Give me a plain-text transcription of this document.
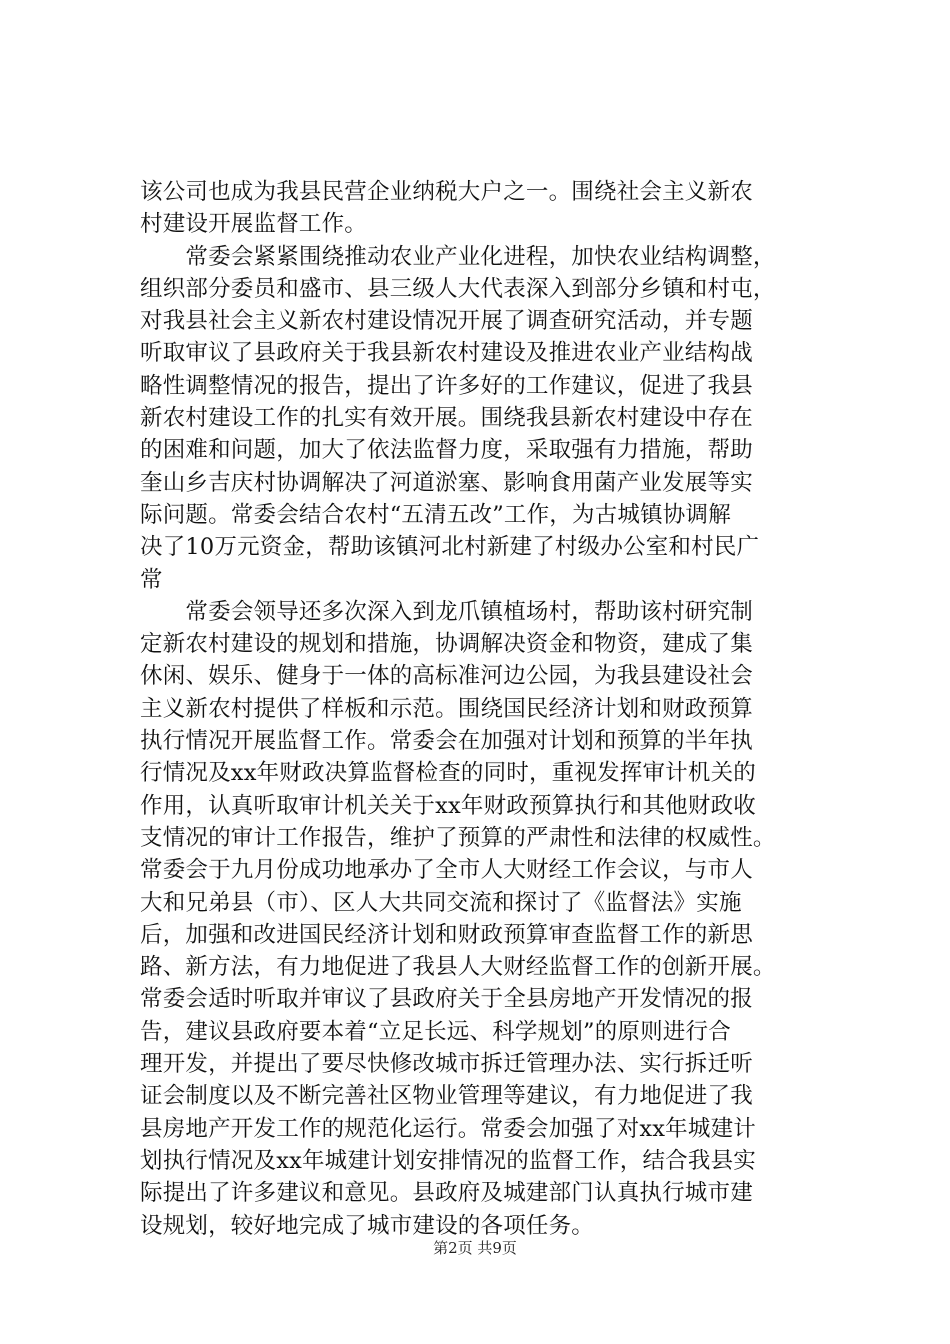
该公司也成为我县民营企业纳税大户之一。围绕社会主义新农
村建设开展监督工作。
　　常委会紧紧围绕推动农业产业化进程，加快农业结构调整，
组织部分委员和盛市、县三级人大代表深入到部分乡镇和村屯，
对我县社会主义新农村建设情况开展了调查研究活动，并专题
听取审议了县政府关于我县新农村建设及推进农业产业结构战
略性调整情况的报告，提出了许多好的工作建议，促进了我县
新农村建设工作的扎实有效开展。围绕我县新农村建设中存在
的困难和问题，加大了依法监督力度，采取强有力措施，帮助
奎山乡吉庆村协调解决了河道淤塞、影响食用菌产业发展等实
际问题。常委会结合农村“五清五改”工作，为古城镇协调解
决了10万元资金，帮助该镇河北村新建了村级办公室和村民广
常
　　常委会领导还多次深入到龙爪镇植场村，帮助该村研究制
定新农村建设的规划和措施，协调解决资金和物资，建成了集
休闲、娱乐、健身于一体的高标准河边公园，为我县建设社会
主义新农村提供了样板和示范。围绕国民经济计划和财政预算
执行情况开展监督工作。常委会在加强对计划和预算的半年执
行情况及xx年财政决算监督检查的同时，重视发挥审计机关的
作用，认真听取审计机关关于xx年财政预算执行和其他财政收
支情况的审计工作报告，维护了预算的严肃性和法律的权威性。
常委会于九月份成功地承办了全市人大财经工作会议，与市人
大和兄弟县（市）、区人大共同交流和探讨了《监督法》实施
后，加强和改进国民经济计划和财政预算审查监督工作的新思
路、新方法，有力地促进了我县人大财经监督工作的创新开展。
常委会适时听取并审议了县政府关于全县房地产开发情况的报
告，建议县政府要本着“立足长远、科学规划”的原则进行合
理开发，并提出了要尽快修改城市拆迁管理办法、实行拆迁听
证会制度以及不断完善社区物业管理等建议，有力地促进了我
县房地产开发工作的规范化运行。常委会加强了对xx年城建计
划执行情况及xx年城建计划安排情况的监督工作，结合我县实
际提出了许多建议和意见。县政府及城建部门认真执行城市建
设规划，较好地完成了城市建设的各项任务。
第2页 共9页
